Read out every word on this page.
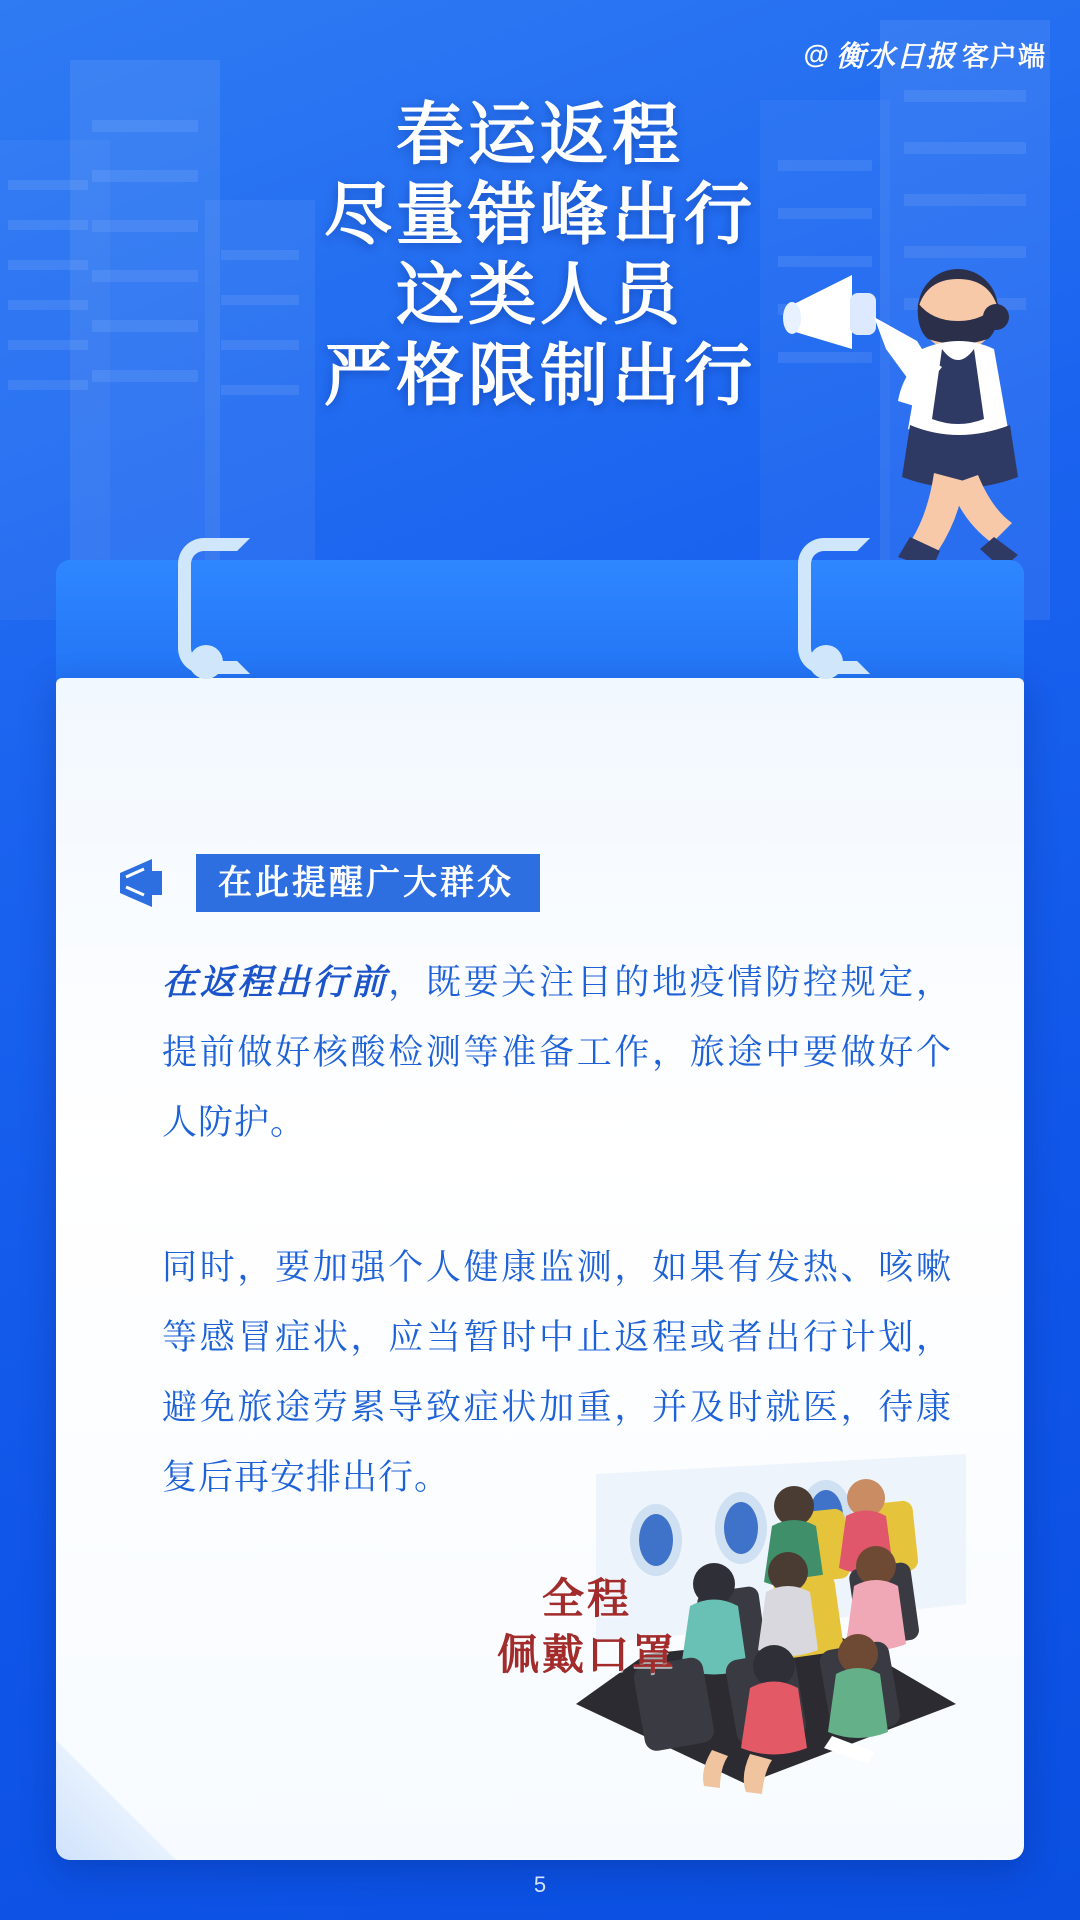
@ 衡水日报 客户端
春运返程
尽量错峰出行
这类人员
严格限制出行
在此提醒广大群众
在返程出行前，既要关注目的地疫情防控规定，提前做好核酸检测等准备工作，旅途中要做好个人防护。
同时，要加强个人健康监测，如果有发热、咳嗽等感冒症状，应当暂时中止返程或者出行计划，避免旅途劳累导致症状加重，并及时就医，待康复后再安排出行。
全程
佩戴口罩
5
